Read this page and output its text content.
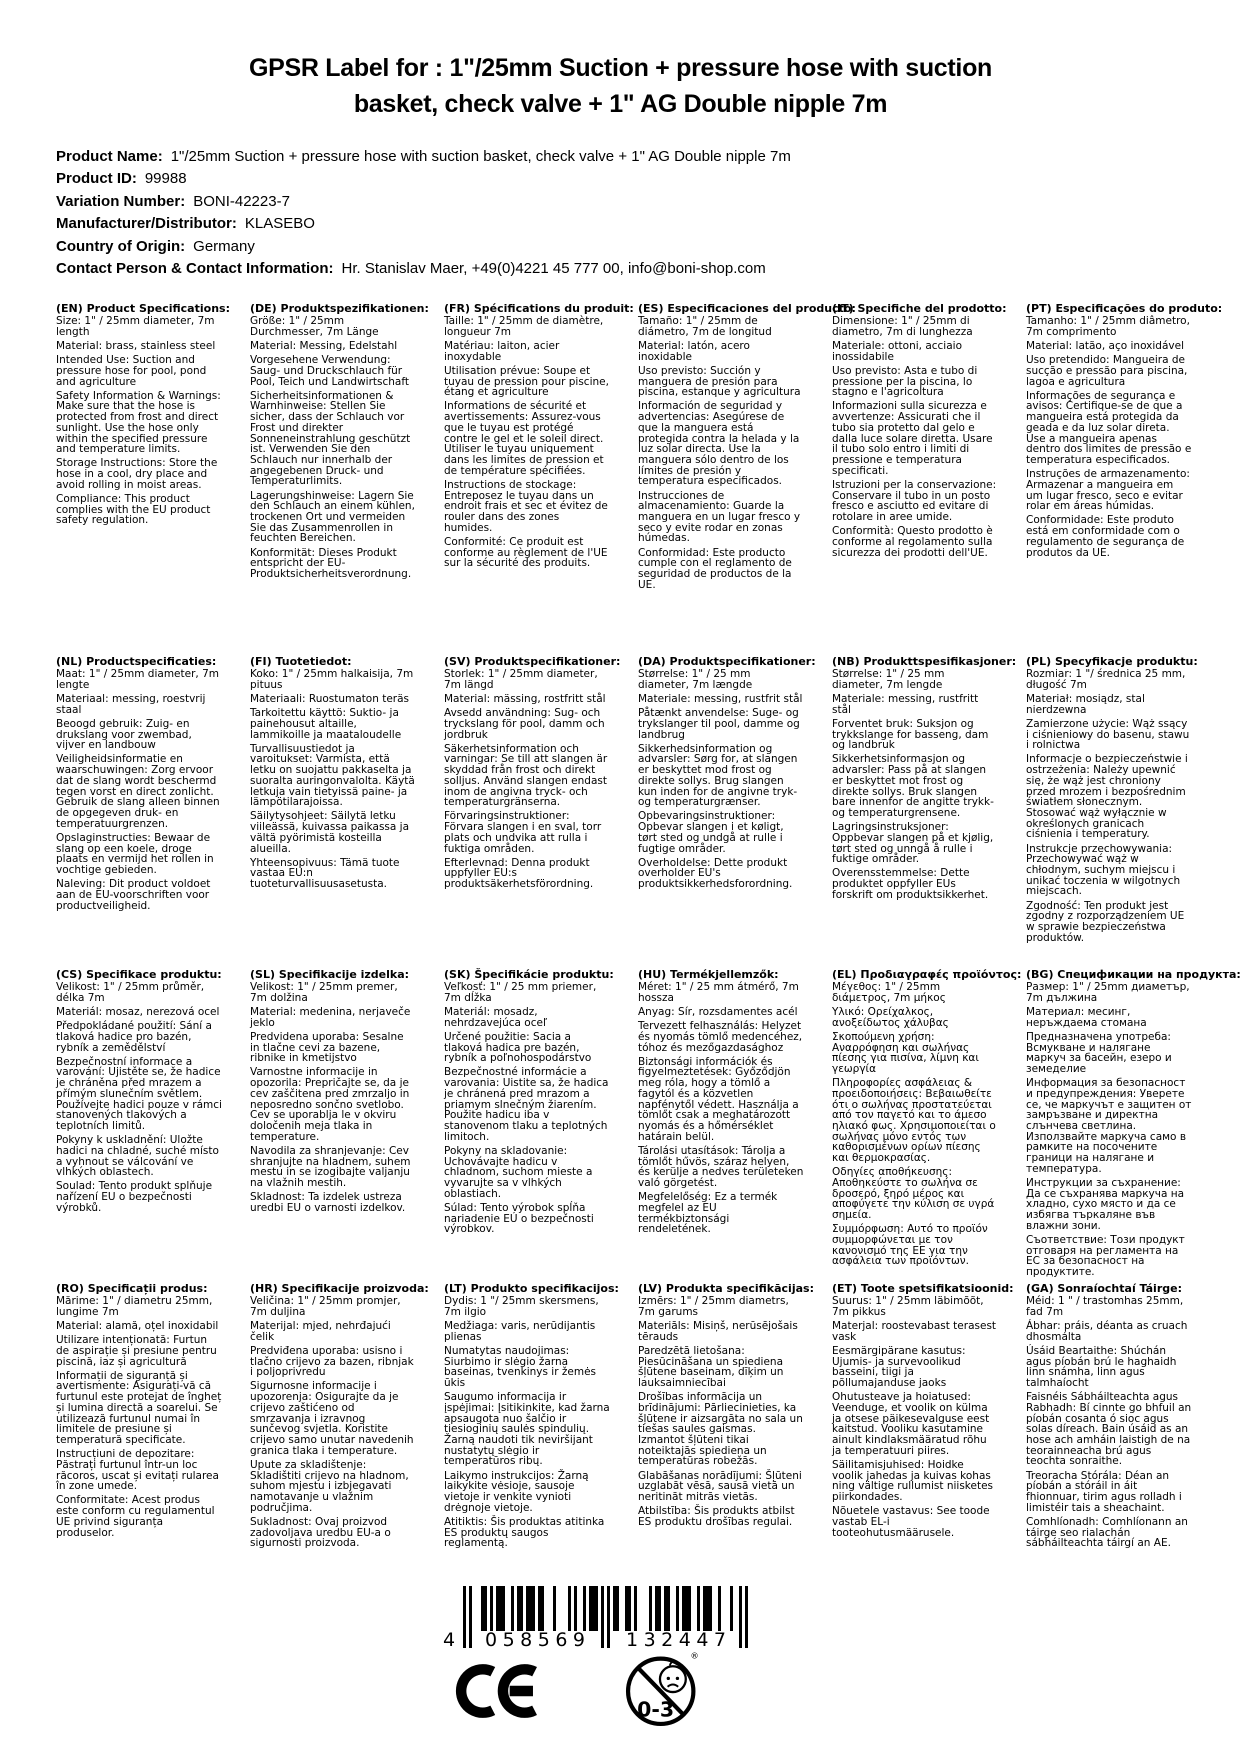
GPSR Label for : 1"/25mm Suction + pressure hose with suction
basket, check valve + 1" AG Double nipple 7m
Product Name: 1"/25mm Suction + pressure hose with suction basket, check valve + 1" AG Double nipple 7m
Product ID: 99988
Variation Number: BONI-42223-7
Manufacturer/Distributor: KLASEBO
Country of Origin: Germany
Contact Person & Contact Information: Hr. Stanislav Maer, +49(0)4221 45 777 00, info@boni-shop.com
(EN) Product Specifications:

Size: 1" / 25mm diameter, 7m length

Material: brass, stainless steel

Intended Use: Suction and pressure hose for pool, pond and agriculture

Safety Information & Warnings: Make sure that the hose is protected from frost and direct sunlight. Use the hose only within the specified pressure and temperature limits.

Storage Instructions: Store the hose in a cool, dry place and avoid rolling in moist areas.

Compliance: This product complies with the EU product safety regulation.

(DE) Produktspezifikationen:

Größe: 1" / 25mm Durchmesser, 7m Länge

Material: Messing, Edelstahl

Vorgesehene Verwendung: Saug- und Druckschlauch für Pool, Teich und Landwirtschaft

Sicherheitsinformationen & Warnhinweise: Stellen Sie sicher, dass der Schlauch vor Frost und direkter Sonneneinstrahlung geschützt ist. Verwenden Sie den Schlauch nur innerhalb der angegebenen Druck- und Temperaturlimits.

Lagerungshinweise: Lagern Sie den Schlauch an einem kühlen, trockenen Ort und vermeiden Sie das Zusammenrollen in feuchten Bereichen.

Konformität: Dieses Produkt entspricht der EU-Produktsicherheitsverordnung.

(FR) Spécifications du produit:

Taille: 1" / 25mm de diamètre, longueur 7m

Matériau: laiton, acier inoxydable

Utilisation prévue: Soupe et tuyau de pression pour piscine, étang et agriculture

Informations de sécurité et avertissements: Assurez-vous que le tuyau est protégé contre le gel et le soleil direct. Utiliser le tuyau uniquement dans les limites de pression et de température spécifiées.

Instructions de stockage: Entreposez le tuyau dans un endroit frais et sec et évitez de rouler dans des zones humides.

Conformité: Ce produit est conforme au règlement de l'UE sur la sécurité des produits.

(ES) Especificaciones del producto:

Tamaño: 1" / 25mm de diámetro, 7m de longitud

Material: latón, acero inoxidable

Uso previsto: Succión y manguera de presión para piscina, estanque y agricultura

Información de seguridad y advertencias: Asegúrese de que la manguera está protegida contra la helada y la luz solar directa. Use la manguera sólo dentro de los límites de presión y temperatura especificados.

Instrucciones de almacenamiento: Guarde la manguera en un lugar fresco y seco y evite rodar en zonas húmedas.

Conformidad: Este producto cumple con el reglamento de seguridad de productos de la UE.

(IT) Specifiche del prodotto:

Dimensione: 1" / 25mm di diametro, 7m di lunghezza

Materiale: ottoni, acciaio inossidabile

Uso previsto: Asta e tubo di pressione per la piscina, lo stagno e l'agricoltura

Informazioni sulla sicurezza e avvertenze: Assicurati che il tubo sia protetto dal gelo e dalla luce solare diretta. Usare il tubo solo entro i limiti di pressione e temperatura specificati.

Istruzioni per la conservazione: Conservare il tubo in un posto fresco e asciutto ed evitare di rotolare in aree umide.

Conformità: Questo prodotto è conforme al regolamento sulla sicurezza dei prodotti dell'UE.

(PT) Especificações do produto:

Tamanho: 1" / 25mm diâmetro, 7m comprimento

Material: latão, aço inoxidável

Uso pretendido: Mangueira de sucção e pressão para piscina, lagoa e agricultura

Informações de segurança e avisos: Certifique-se de que a mangueira está protegida da geada e da luz solar direta. Use a mangueira apenas dentro dos limites de pressão e temperatura especificados.

Instruções de armazenamento: Armazenar a mangueira em um lugar fresco, seco e evitar rolar em áreas húmidas.

Conformidade: Este produto está em conformidade com o regulamento de segurança de produtos da UE.

(NL) Productspecificaties:

Maat: 1" / 25mm diameter, 7m lengte

Materiaal: messing, roestvrij staal

Beoogd gebruik: Zuig- en drukslang voor zwembad, vijver en landbouw

Veiligheidsinformatie en waarschuwingen: Zorg ervoor dat de slang wordt beschermd tegen vorst en direct zonlicht. Gebruik de slang alleen binnen de opgegeven druk- en temperatuurgrenzen.

Opslaginstructies: Bewaar de slang op een koele, droge plaats en vermijd het rollen in vochtige gebieden.

Naleving: Dit product voldoet aan de EU-voorschriften voor productveiligheid.

(FI) Tuotetiedot:

Koko: 1" / 25mm halkaisija, 7m pituus

Materiaali: Ruostumaton teräs

Tarkoitettu käyttö: Suktio- ja painehousut altaille, lammikoille ja maataloudelle

Turvallisuustiedot ja varoitukset: Varmista, että letku on suojattu pakkaselta ja suoralta auringonvalolta. Käytä letkuja vain tietyissä paine- ja lämpötilarajoissa.

Säilytysohjeet: Säilytä letku viileässä, kuivassa paikassa ja vältä pyörimistä kosteilla alueilla.

Yhteensopivuus: Tämä tuote vastaa EU:n tuoteturvallisuusasetusta.

(SV) Produktspecifikationer:

Storlek: 1" / 25mm diameter, 7m längd

Material: mässing, rostfritt stål

Avsedd användning: Sug- och tryckslang för pool, damm och jordbruk

Säkerhetsinformation och varningar: Se till att slangen är skyddad från frost och direkt solljus. Använd slangen endast inom de angivna tryck- och temperaturgränserna.

Förvaringsinstruktioner: Förvara slangen i en sval, torr plats och undvika att rulla i fuktiga områden.

Efterlevnad: Denna produkt uppfyller EU:s produktsäkerhetsförordning.

(DA) Produktspecifikationer:

Størrelse: 1" / 25 mm diameter, 7m længde

Materiale: messing, rustfrit stål

Påtænkt anvendelse: Suge- og trykslanger til pool, damme og landbrug

Sikkerhedsinformation og advarsler: Sørg for, at slangen er beskyttet mod frost og direkte sollys. Brug slangen kun inden for de angivne tryk- og temperaturgrænser.

Opbevaringsinstruktioner: Opbevar slangen i et køligt, tørt sted og undgå at rulle i fugtige områder.

Overholdelse: Dette produkt overholder EU's produktsikkerhedsforordning.

(NB) Produkttspesifikasjoner:

Størrelse: 1" / 25 mm diameter, 7m lengde

Materiale: messing, rustfritt stål

Forventet bruk: Suksjon og trykkslange for basseng, dam og landbruk

Sikkerhetsinformasjon og advarsler: Pass på at slangen er beskyttet mot frost og direkte sollys. Bruk slangen bare innenfor de angitte trykk- og temperaturgrensene.

Lagringsinstruksjoner: Oppbevar slangen på et kjølig, tørt sted og unngå å rulle i fuktige områder.

Overensstemmelse: Dette produktet oppfyller EUs forskrift om produktsikkerhet.

(PL) Specyfikacje produktu:

Rozmiar: 1 "/ średnica 25 mm, długość 7m

Materiał: mosiądz, stal nierdzewna

Zamierzone użycie: Wąż ssący i ciśnieniowy do basenu, stawu i rolnictwa

Informacje o bezpieczeństwie i ostrzeżenia: Należy upewnić się, że wąż jest chroniony przed mrozem i bezpośrednim światłem słonecznym. Stosować wąż wyłącznie w określonych granicach ciśnienia i temperatury.

Instrukcje przechowywania: Przechowywać wąż w chłodnym, suchym miejscu i unikać toczenia w wilgotnych miejscach.

Zgodność: Ten produkt jest zgodny z rozporządzeniem UE w sprawie bezpieczeństwa produktów.

(CS) Specifikace produktu:

Velikost: 1" / 25mm průměr, délka 7m

Materiál: mosaz, nerezová ocel

Předpokládané použití: Sání a tlaková hadice pro bazén, rybník a zemědělství

Bezpečnostní informace a varování: Ujistěte se, že hadice je chráněna před mrazem a přímým slunečním světlem. Používejte hadici pouze v rámci stanovených tlakových a teplotních limitů.

Pokyny k uskladnění: Uložte hadici na chladné, suché místo a vyhnout se válcování ve vlhkých oblastech.

Soulad: Tento produkt splňuje nařízení EU o bezpečnosti výrobků.

(SL) Specifikacije izdelka:

Velikost: 1" / 25mm premer, 7m dolžina

Material: medenina, nerjaveče jeklo

Predvidena uporaba: Sesalne in tlačne cevi za bazene, ribnike in kmetijstvo

Varnostne informacije in opozorila: Prepričajte se, da je cev zaščitena pred zmrzaljo in neposredno sončno svetlobo. Cev se uporablja le v okviru določenih meja tlaka in temperature.

Navodila za shranjevanje: Cev shranjujte na hladnem, suhem mestu in se izogibajte valjanju na vlažnih mestih.

Skladnost: Ta izdelek ustreza uredbi EU o varnosti izdelkov.

(SK) Špecifikácie produktu:

Veľkosť: 1" / 25 mm priemer, 7m dĺžka

Materiál: mosadz, nehrdzavejúca oceľ

Určené použitie: Sacia a tlaková hadica pre bazén, rybník a poľnohospodárstvo

Bezpečnostné informácie a varovania: Uistite sa, že hadica je chránená pred mrazom a priamym slnečným žiarením. Použite hadicu iba v stanovenom tlaku a teplotných limitoch.

Pokyny na skladovanie: Uchovávajte hadicu v chladnom, suchom mieste a vyvarujte sa v vlhkých oblastiach.

Súlad: Tento výrobok spĺňa nariadenie EÚ o bezpečnosti výrobkov.

(HU) Termékjellemzők:

Méret: 1" / 25 mm átmérő, 7m hossza

Anyag: Sír, rozsdamentes acél

Tervezett felhasználás: Helyzet és nyomás tömlő medencéhez, tóhoz és mezőgazdasághoz

Biztonsági információk és figyelmeztetések: Győződjön meg róla, hogy a tömlő a fagytól és a közvetlen napfénytől védett. Használja a tömlőt csak a meghatározott nyomás és a hőmérséklet határain belül.

Tárolási utasítások: Tárolja a tömlőt hűvös, száraz helyen, és kerülje a nedves területeken való görgetést.

Megfelelőség: Ez a termék megfelel az EU termékbiztonsági rendeletének.

(EL) Προδιαγραφές προϊόντος:

Μέγεθος: 1" / 25mm διάμετρος, 7m μήκος

Υλικό: Ορείχαλκος, ανοξείδωτος χάλυβας

Σκοπούμενη χρήση: Αναρρόφηση και σωλήνας πίεσης για πισίνα, λίμνη και γεωργία

Πληροφορίες ασφάλειας & προειδοποιήσεις: Βεβαιωθείτε ότι ο σωλήνας προστατεύεται από τον παγετό και το άμεσο ηλιακό φως. Χρησιμοποιείται ο σωλήνας μόνο εντός των καθορισμένων ορίων πίεσης και θερμοκρασίας.

Οδηγίες αποθήκευσης: Αποθηκεύστε το σωλήνα σε δροσερό, ξηρό μέρος και αποφύγετε την κύλιση σε υγρά σημεία.

Συμμόρφωση: Αυτό το προϊόν συμμορφώνεται με τον κανονισμό της ΕΕ για την ασφάλεια των προϊόντων.

(BG) Спецификации на продукта:

Размер: 1" / 25mm диаметър, 7m дължина

Материал: месинг, неръждаема стомана

Предназначена употреба: Всмукване и налягане маркуч за басейн, езеро и земеделие

Информация за безопасност и предупреждения: Уверете се, че маркучът е защитен от замръзване и директна слънчева светлина. Използвайте маркуча само в рамките на посочените граници на налягане и температура.

Инструкции за съхранение: Да се съхранява маркуча на хладно, сухо място и да се избягва търкаляне във влажни зони.

Съответствие: Този продукт отговаря на регламента на ЕС за безопасност на продуктите.

(RO) Specificații produs:

Mărime: 1" / diametru 25mm, lungime 7m

Material: alamă, oțel inoxidabil

Utilizare intenționată: Furtun de aspirație și presiune pentru piscină, iaz și agricultură

Informații de siguranță și avertismente: Asigurați-vă că furtunul este protejat de îngheț și lumina directă a soarelui. Se utilizează furtunul numai în limitele de presiune și temperatură specificate.

Instrucțiuni de depozitare: Păstrați furtunul într-un loc răcoros, uscat și evitați rularea în zone umede.

Conformitate: Acest produs este conform cu regulamentul UE privind siguranța produselor.

(HR) Specifikacije proizvoda:

Veličina: 1" / 25mm promjer, 7m duljina

Materijal: mjed, nehrđajući čelik

Predviđena uporaba: usisno i tlačno crijevo za bazen, ribnjak i poljoprivredu

Sigurnosne informacije i upozorenja: Osigurajte da je crijevo zaštićeno od smrzavanja i izravnog sunčevog svjetla. Koristite crijevo samo unutar navedenih granica tlaka i temperature.

Upute za skladištenje: Skladištiti crijevo na hladnom, suhom mjestu i izbjegavati namotavanje u vlažnim područjima.

Sukladnost: Ovaj proizvod zadovoljava uredbu EU-a o sigurnosti proizvoda.

(LT) Produkto specifikacijos:

Dydis: 1 "/ 25mm skersmens, 7m ilgio

Medžiaga: varis, nerūdijantis plienas

Numatytas naudojimas: Siurbimo ir slėgio žarna baseinas, tvenkinys ir žemės ūkis

Saugumo informacija ir įspėjimai: Įsitikinkite, kad žarna apsaugota nuo šalčio ir tiesioginių saulės spindulių. Žarną naudoti tik neviršijant nustatytų slėgio ir temperatūros ribų.

Laikymo instrukcijos: Žarną laikykite vėsioje, sausoje vietoje ir venkite vynioti drėgnoje vietoje.

Atitiktis: Šis produktas atitinka ES produktų saugos reglamentą.

(LV) Produkta specifikācijas:

Izmērs: 1" / 25mm diametrs, 7m garums

Materiāls: Misiņš, nerūsējošais tērauds

Paredzētā lietošana: Piesūcināšana un spiediena šļūtene baseinam, dīķim un lauksaimniecībai

Drošības informācija un brīdinājumi: Pārliecinieties, ka šļūtene ir aizsargāta no sala un tiešas saules gaismas. Izmantot šļūteni tikai noteiktajās spiediena un temperatūras robežās.

Glabāšanas norādījumi: Šļūteni uzglabāt vēsā, sausā vietā un neritināt mitrās vietās.

Atbilstība: Šis produkts atbilst ES produktu drošības regulai.

(ET) Toote spetsifikatsioonid:

Suurus: 1" / 25mm läbimõõt, 7m pikkus

Materjal: roostevabast terasest vask

Eesmärgipärane kasutus: Ujumis- ja survevoolikud basseini, tiigi ja põllumajanduse jaoks

Ohutusteave ja hoiatused: Veenduge, et voolik on külma ja otsese päikesevalguse eest kaitstud. Vooliku kasutamine ainult kindlaksmääratud rõhu ja temperatuuri piires.

Säilitamisjuhised: Hoidke voolik jahedas ja kuivas kohas ning vältige rullumist niisketes piirkondades.

Nõuetele vastavus: See toode vastab EL-i tooteohutusmäärusele.

(GA) Sonraíochtaí Táirge:

Méid: 1 " / trastomhas 25mm, fad 7m

Ábhar: práis, déanta as cruach dhosmálta

Úsáid Beartaithe: Shúchán agus píobán brú le haghaidh linn snámha, linn agus talmhaíocht

Faisnéis Sábháilteachta agus Rabhadh: Bí cinnte go bhfuil an píobán cosanta ó sioc agus solas díreach. Bain úsáid as an hose ach amháin laistigh de na teorainneacha brú agus teochta sonraithe.

Treoracha Stórála: Déan an píobán a stóráil in áit fhionnuar, tirim agus rolladh i limistéir tais a sheachaint.

Comhlíonadh: Comhlíonann an táirge seo rialachán sábháilteachta táirgí an AE.

4 058569 132447
®
0-3
